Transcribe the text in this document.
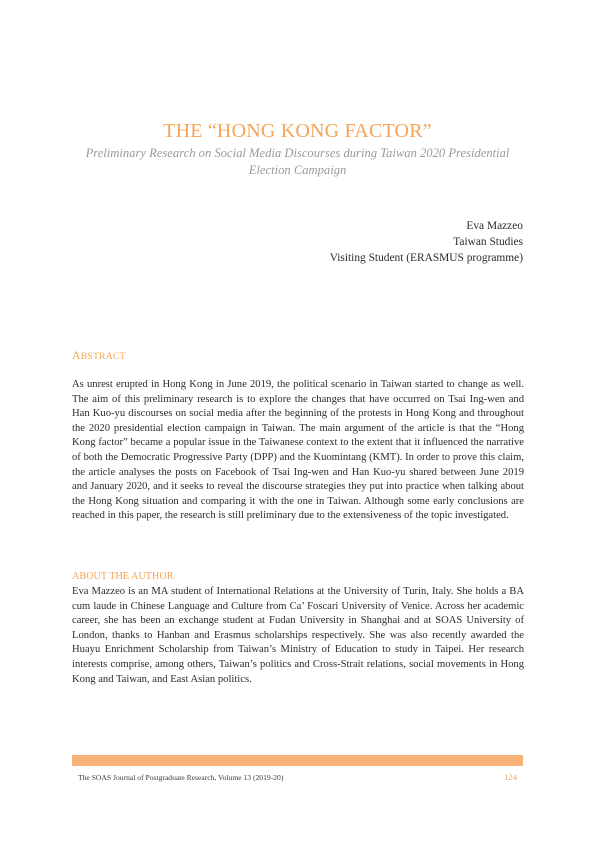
THE “HONG KONG FACTOR”
Preliminary Research on Social Media Discourses during Taiwan 2020 Presidential Election Campaign
Eva Mazzeo
Taiwan Studies
Visiting Student (ERASMUS programme)
ABSTRACT
As unrest erupted in Hong Kong in June 2019, the political scenario in Taiwan started to change as well. The aim of this preliminary research is to explore the changes that have occurred on Tsai Ing-wen and Han Kuo-yu discourses on social media after the beginning of the protests in Hong Kong and throughout the 2020 presidential election campaign in Taiwan. The main argument of the article is that the “Hong Kong factor” became a popular issue in the Taiwanese context to the extent that it influenced the narrative of both the Democratic Progressive Party (DPP) and the Kuomintang (KMT). In order to prove this claim, the article analyses the posts on Facebook of Tsai Ing-wen and Han Kuo-yu shared between June 2019 and January 2020, and it seeks to reveal the discourse strategies they put into practice when talking about the Hong Kong situation and comparing it with the one in Taiwan. Although some early conclusions are reached in this paper, the research is still preliminary due to the extensiveness of the topic investigated.
ABOUT THE AUTHOR
Eva Mazzeo is an MA student of International Relations at the University of Turin, Italy. She holds a BA cum laude in Chinese Language and Culture from Ca’ Foscari University of Venice. Across her academic career, she has been an exchange student at Fudan University in Shanghai and at SOAS University of London, thanks to Hanban and Erasmus scholarships respectively. She was also recently awarded the Huayu Enrichment Scholarship from Taiwan’s Ministry of Education to study in Taipei. Her research interests comprise, among others, Taiwan’s politics and Cross-Strait relations, social movements in Hong Kong and Taiwan, and East Asian politics.
The SOAS Journal of Postgraduate Research, Volume 13 (2019-20)	124
